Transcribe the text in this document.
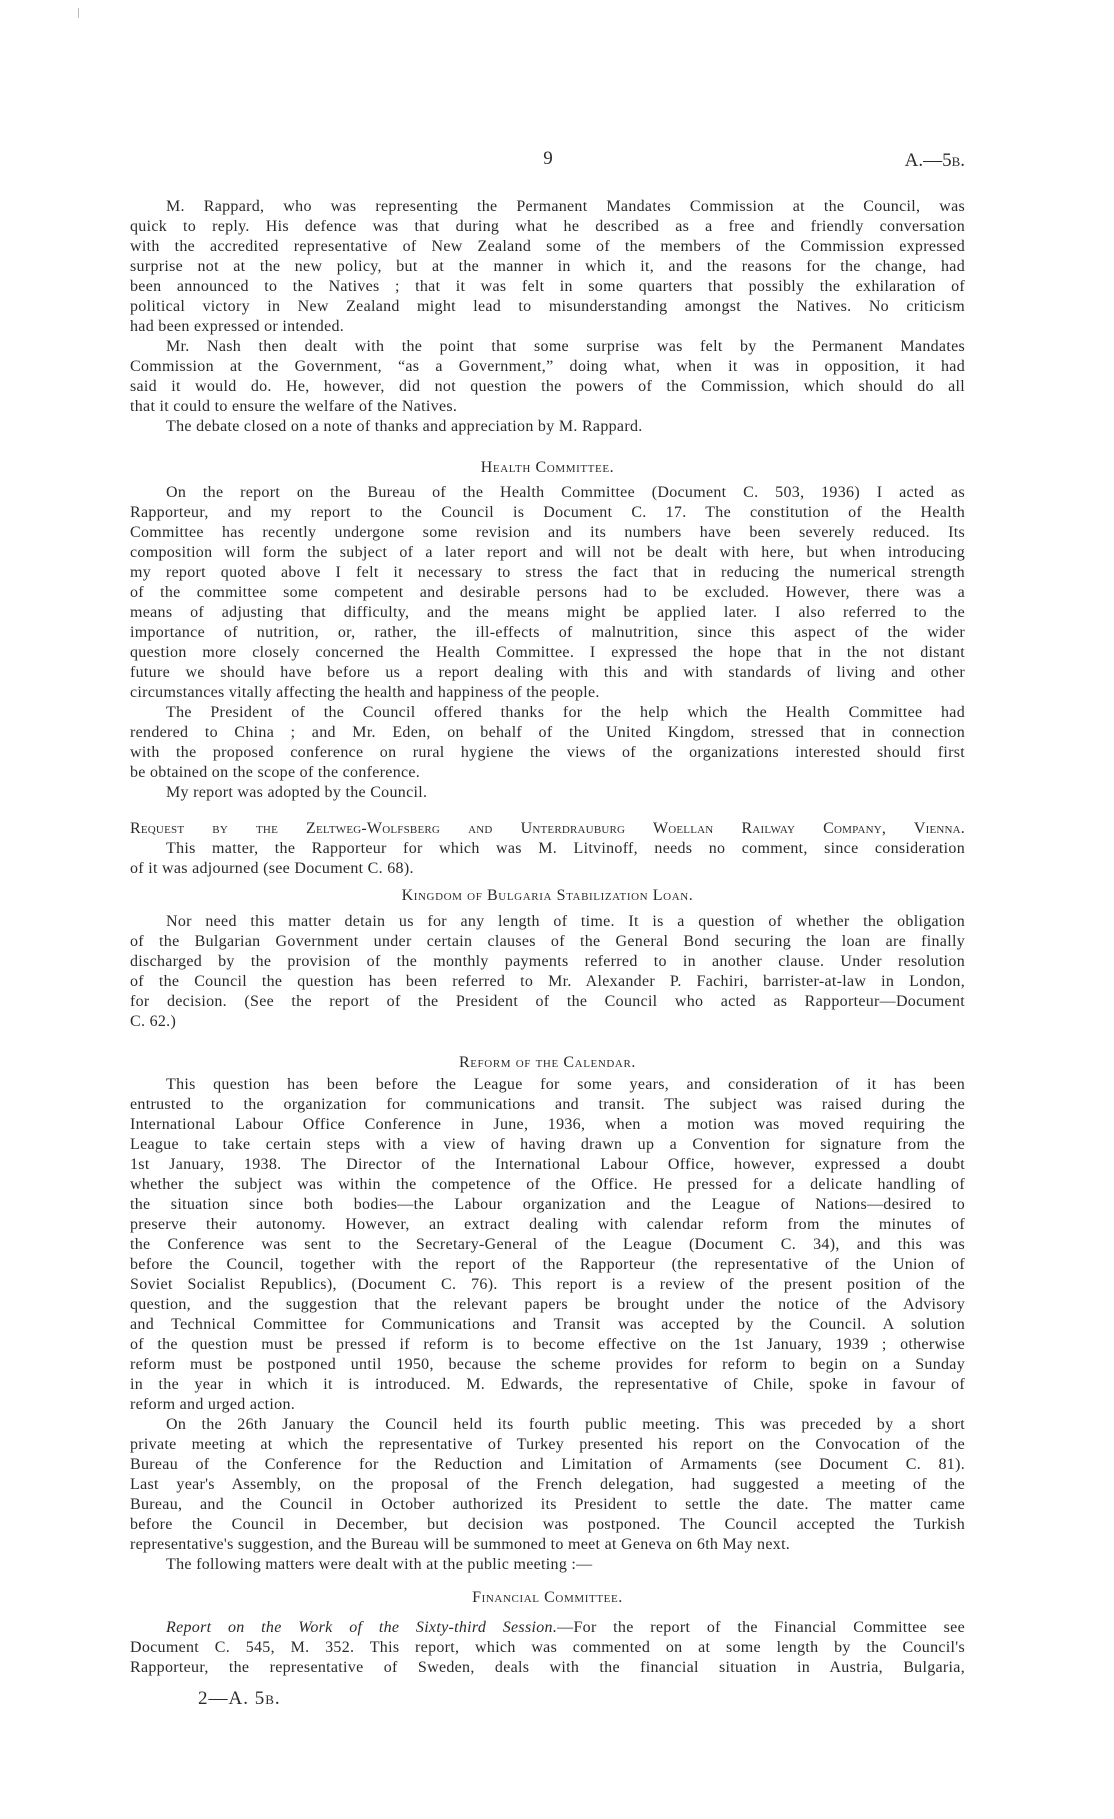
9	A.—5b.
M. Rappard, who was representing the Permanent Mandates Commission at the Council, was
quick to reply. His defence was that during what he described as a free and friendly conversation
with the accredited representative of New Zealand some of the members of the Commission expressed
surprise not at the new policy, but at the manner in which it, and the reasons for the change, had
been announced to the Natives ; that it was felt in some quarters that possibly the exhilaration of
political victory in New Zealand might lead to misunderstanding amongst the Natives. No criticism
had been expressed or intended.
Mr. Nash then dealt with the point that some surprise was felt by the Permanent Mandates
Commission at the Government, “as a Government,” doing what, when it was in opposition, it had
said it would do. He, however, did not question the powers of the Commission, which should do all
that it could to ensure the welfare of the Natives.
The debate closed on a note of thanks and appreciation by M. Rappard.
Health Committee.
On the report on the Bureau of the Health Committee (Document C. 503, 1936) I acted as
Rapporteur, and my report to the Council is Document C. 17. The constitution of the Health
Committee has recently undergone some revision and its numbers have been severely reduced. Its
composition will form the subject of a later report and will not be dealt with here, but when introducing
my report quoted above I felt it necessary to stress the fact that in reducing the numerical strength
of the committee some competent and desirable persons had to be excluded. However, there was a
means of adjusting that difficulty, and the means might be applied later. I also referred to the
importance of nutrition, or, rather, the ill-effects of malnutrition, since this aspect of the wider
question more closely concerned the Health Committee. I expressed the hope that in the not distant
future we should have before us a report dealing with this and with standards of living and other
circumstances vitally affecting the health and happiness of the people.
The President of the Council offered thanks for the help which the Health Committee had
rendered to China ; and Mr. Eden, on behalf of the United Kingdom, stressed that in connection
with the proposed conference on rural hygiene the views of the organizations interested should first
be obtained on the scope of the conference.
My report was adopted by the Council.
Request by the Zeltweg-Wolfsberg and Unterdrauburg Woellan Railway Company, Vienna.
This matter, the Rapporteur for which was M. Litvinoff, needs no comment, since consideration
of it was adjourned (see Document C. 68).
Kingdom of Bulgaria Stabilization Loan.
Nor need this matter detain us for any length of time. It is a question of whether the obligation
of the Bulgarian Government under certain clauses of the General Bond securing the loan are finally
discharged by the provision of the monthly payments referred to in another clause. Under resolution
of the Council the question has been referred to Mr. Alexander P. Fachiri, barrister-at-law in London,
for decision. (See the report of the President of the Council who acted as Rapporteur—Document
C. 62.)
Reform of the Calendar.
This question has been before the League for some years, and consideration of it has been
entrusted to the organization for communications and transit. The subject was raised during the
International Labour Office Conference in June, 1936, when a motion was moved requiring the
League to take certain steps with a view of having drawn up a Convention for signature from the
1st January, 1938. The Director of the International Labour Office, however, expressed a doubt
whether the subject was within the competence of the Office. He pressed for a delicate handling of
the situation since both bodies—the Labour organization and the League of Nations—desired to
preserve their autonomy. However, an extract dealing with calendar reform from the minutes of
the Conference was sent to the Secretary-General of the League (Document C. 34), and this was
before the Council, together with the report of the Rapporteur (the representative of the Union of
Soviet Socialist Republics), (Document C. 76). This report is a review of the present position of the
question, and the suggestion that the relevant papers be brought under the notice of the Advisory
and Technical Committee for Communications and Transit was accepted by the Council. A solution
of the question must be pressed if reform is to become effective on the 1st January, 1939 ; otherwise
reform must be postponed until 1950, because the scheme provides for reform to begin on a Sunday
in the year in which it is introduced. M. Edwards, the representative of Chile, spoke in favour of
reform and urged action.
On the 26th January the Council held its fourth public meeting. This was preceded by a short
private meeting at which the representative of Turkey presented his report on the Convocation of the
Bureau of the Conference for the Reduction and Limitation of Armaments (see Document C. 81).
Last year's Assembly, on the proposal of the French delegation, had suggested a meeting of the
Bureau, and the Council in October authorized its President to settle the date. The matter came
before the Council in December, but decision was postponed. The Council accepted the Turkish
representative's suggestion, and the Bureau will be summoned to meet at Geneva on 6th May next.
The following matters were dealt with at the public meeting :—
Financial Committee.
Report on the Work of the Sixty-third Session.—For the report of the Financial Committee see
Document C. 545, M. 352. This report, which was commented on at some length by the Council's
Rapporteur, the representative of Sweden, deals with the financial situation in Austria, Bulgaria,
2—A. 5b.
